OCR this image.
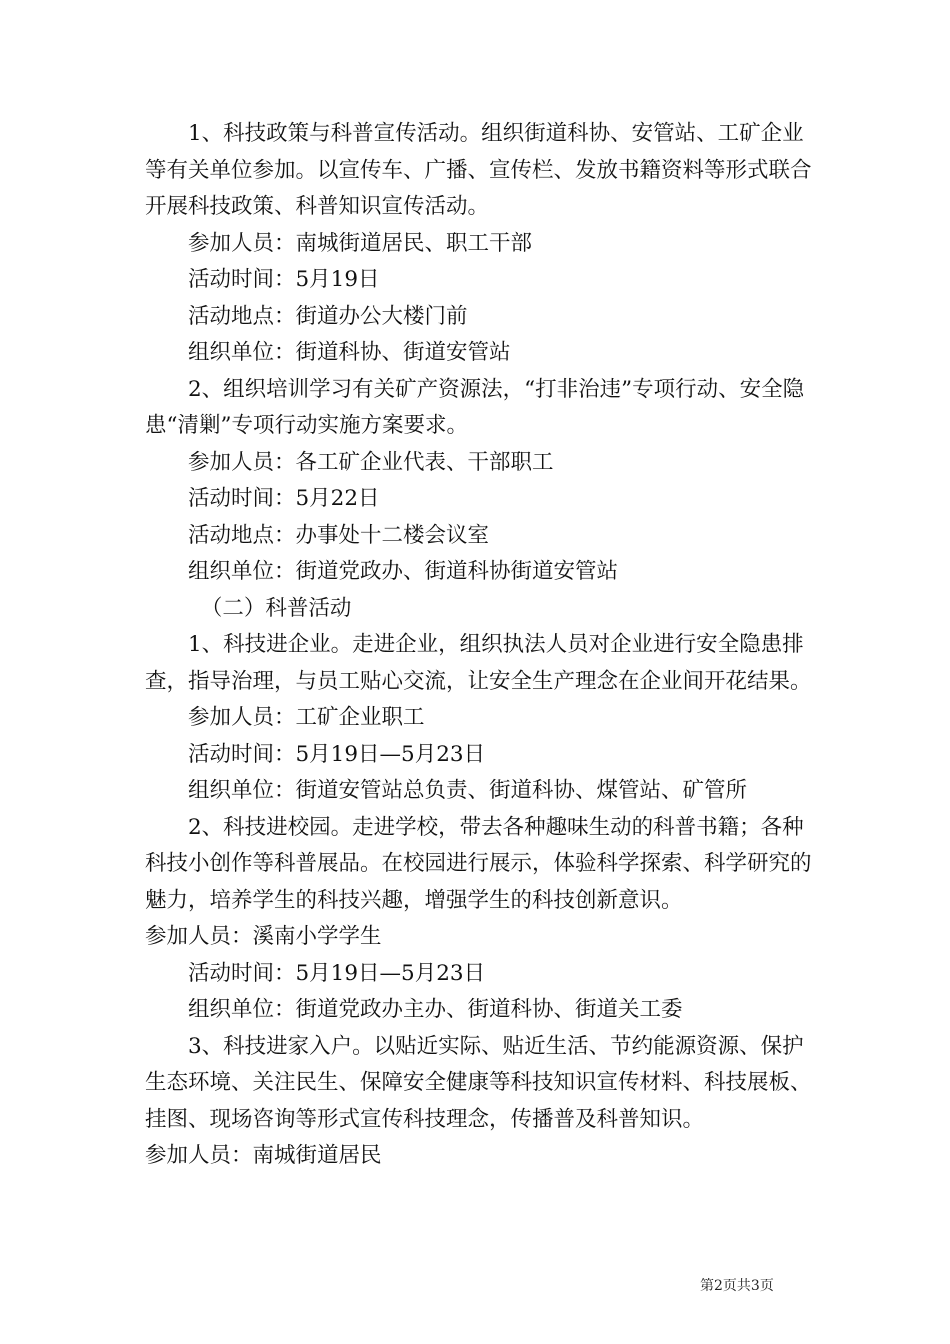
1、科技政策与科普宣传活动。组织街道科协、安管站、工矿企业等有关单位参加。以宣传车、广播、宣传栏、发放书籍资料等形式联合开展科技政策、科普知识宣传活动。

参加人员：南城街道居民、职工干部

活动时间：5月19日

活动地点：街道办公大楼门前

组织单位：街道科协、街道安管站

2、组织培训学习有关矿产资源法，“打非治违”专项行动、安全隐患“清剿”专项行动实施方案要求。

参加人员：各工矿企业代表、干部职工

活动时间：5月22日

活动地点：办事处十二楼会议室

组织单位：街道党政办、街道科协街道安管站

（二）科普活动

1、科技进企业。走进企业，组织执法人员对企业进行安全隐患排查，指导治理，与员工贴心交流，让安全生产理念在企业间开花结果。

参加人员：工矿企业职工

活动时间：5月19日—5月23日

组织单位：街道安管站总负责、街道科协、煤管站、矿管所

2、科技进校园。走进学校，带去各种趣味生动的科普书籍；各种科技小创作等科普展品。在校园进行展示，体验科学探索、科学研究的魅力，培养学生的科技兴趣，增强学生的科技创新意识。

参加人员：溪南小学学生

活动时间：5月19日—5月23日

组织单位：街道党政办主办、街道科协、街道关工委

3、科技进家入户。以贴近实际、贴近生活、节约能源资源、保护生态环境、关注民生、保障安全健康等科技知识宣传材料、科技展板、挂图、现场咨询等形式宣传科技理念，传播普及科普知识。

参加人员：南城街道居民

第2页共3页
